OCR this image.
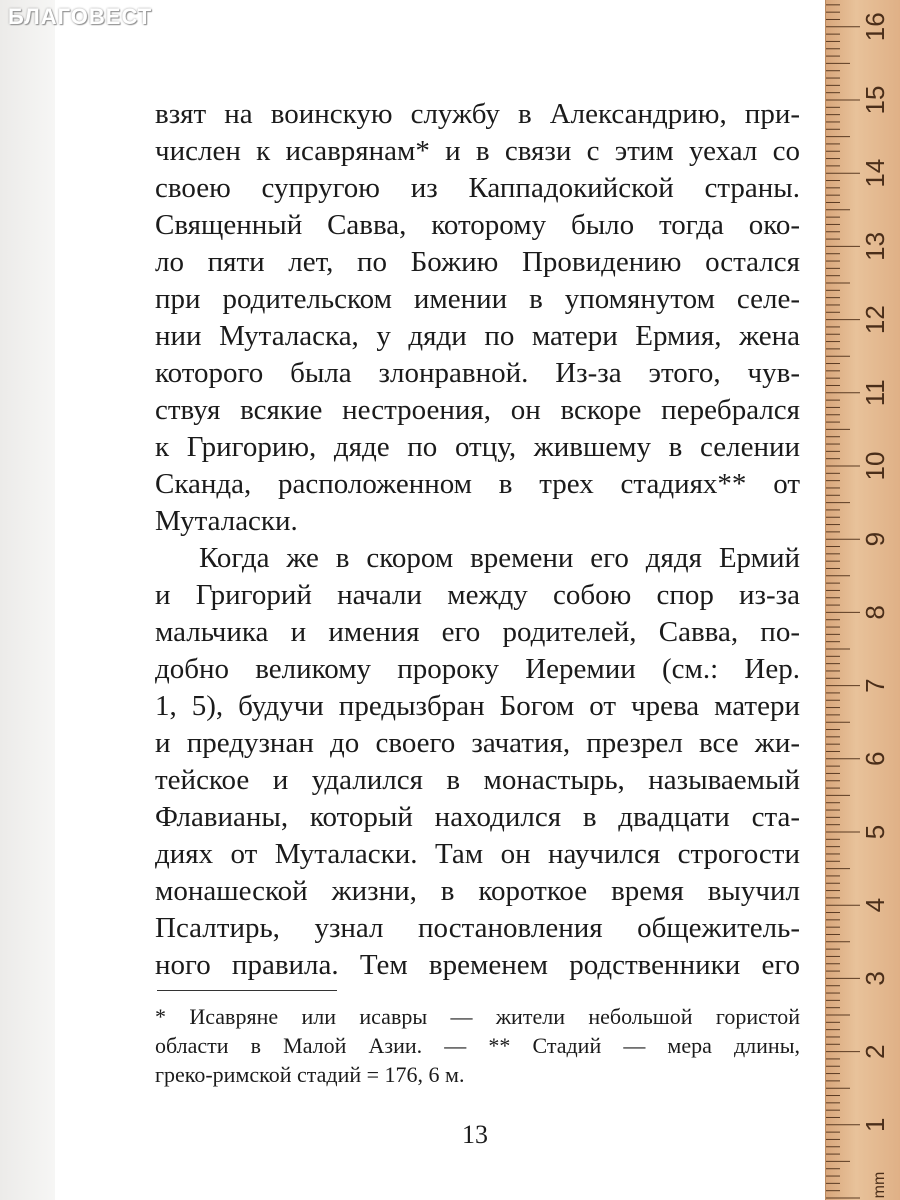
БЛАГОВЕСТ
взят на воинскую службу в Александрию, при-
числен к исаврянам* и в связи с этим уехал со
своею супругою из Каппадокийской страны.
Священный Савва, которому было тогда око-
ло пяти лет, по Божию Провидению остался
при родительском имении в упомянутом селе-
нии Муталаска, у дяди по матери Ермия, жена
которого была злонравной. Из-за этого, чув-
ствуя всякие нестроения, он вскоре перебрался
к Григорию, дяде по отцу, жившему в селении
Сканда, расположенном в трех стадиях** от
Муталаски.
Когда же в скором времени его дядя Ермий
и Григорий начали между собою спор из-за
мальчика и имения его родителей, Савва, по-
добно великому пророку Иеремии (см.: Иер.
1, 5), будучи предызбран Богом от чрева матери
и предузнан до своего зачатия, презрел все жи-
тейское и удалился в монастырь, называемый
Флавианы, который находился в двадцати ста-
диях от Муталаски. Там он научился строгости
монашеской жизни, в короткое время выучил
Псалтирь, узнал постановления общежитель-
ного правила. Тем временем родственники его
* Исавряне или исавры — жители небольшой гористой
области в Малой Азии. — ** Стадий — мера длины,
греко-римской стадий = 176, 6 м.
13	1
2
3
4
5
6
7
8
9
10
11
12
13
14
15
16
mm
